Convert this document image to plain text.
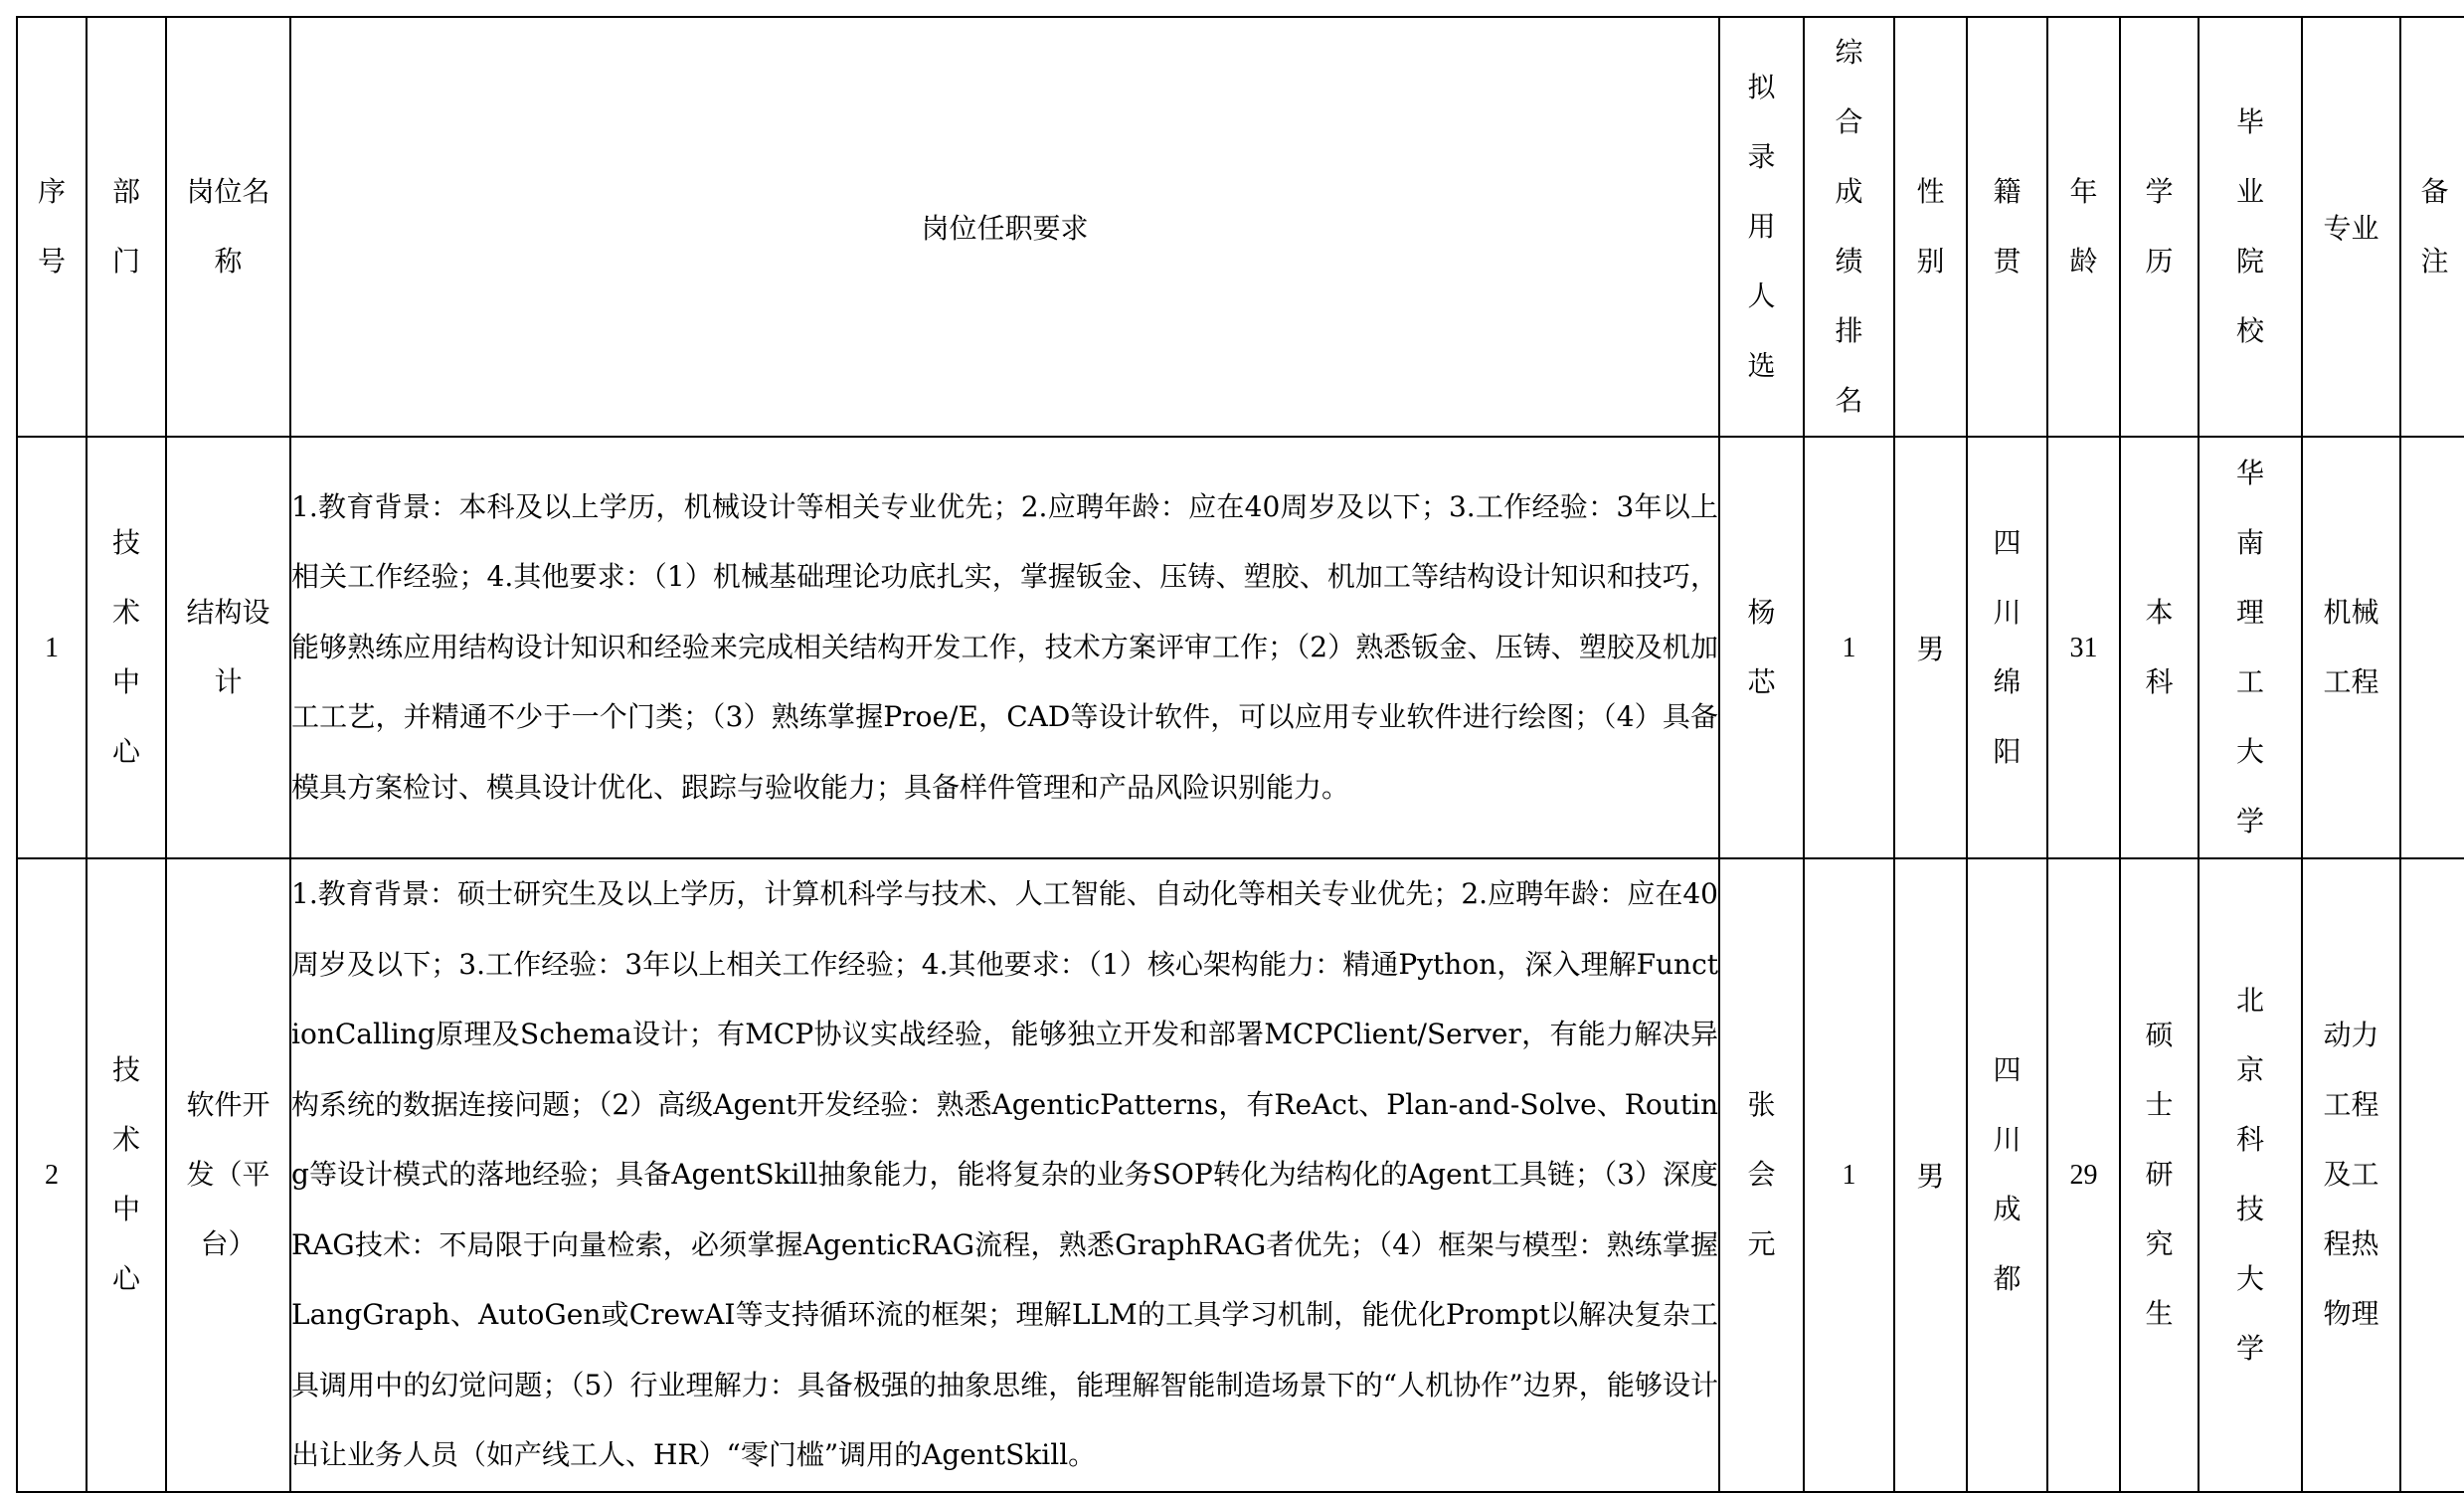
序号	部门	岗位名称	岗位任职要求	拟录用人选	综合成绩排名	性别	籍贯	年龄	学历	毕业院校	专业	备注
1	技术中心	结构设计	1.教育背景：本科及以上学历，机械设计等相关专业优先；2.应聘年龄：应在40周岁及以下；3.工作经验：3年以上相关工作经验；4.其他要求：（1）机械基础理论功底扎实，掌握钣金、压铸、塑胶、机加工等结构设计知识和技巧，能够熟练应用结构设计知识和经验来完成相关结构开发工作，技术方案评审工作；（2）熟悉钣金、压铸、塑胶及机加工工艺，并精通不少于一个门类；（3）熟练掌握Proe/E，CAD等设计软件，可以应用专业软件进行绘图；（4）具备模具方案检讨、模具设计优化、跟踪与验收能力；具备样件管理和产品风险识别能力。	杨芯	1	男	四川绵阳	31	本科	华南理工大学	机械工程	

2	技术中心	软件开发（平台）	1.教育背景：硕士研究生及以上学历，计算机科学与技术、人工智能、自动化等相关专业优先；2.应聘年龄：应在40周岁及以下；3.工作经验：3年以上相关工作经验；4.其他要求：（1）核心架构能力：精通Python，深入理解FunctionCalling原理及Schema设计；有MCP协议实战经验，能够独立开发和部署MCPClient/Server，有能力解决异构系统的数据连接问题；（2）高级Agent开发经验：熟悉AgenticPatterns，有ReAct、Plan-and-Solve、Routing等设计模式的落地经验；具备AgentSkill抽象能力，能将复杂的业务SOP转化为结构化的Agent工具链；（3）深度RAG技术：不局限于向量检索，必须掌握AgenticRAG流程，熟悉GraphRAG者优先；（4）框架与模型：熟练掌握LangGraph、AutoGen或CrewAI等支持循环流的框架；理解LLM的工具学习机制，能优化Prompt以解决复杂工具调用中的幻觉问题；（5）行业理解力：具备极强的抽象思维，能理解智能制造场景下的“人机协作”边界，能够设计出让业务人员（如产线工人、HR）“零门槛”调用的AgentSkill。	张会元	1	男	四川成都	29	硕士研究生	北京科技大学	动力工程及工程热物理	
